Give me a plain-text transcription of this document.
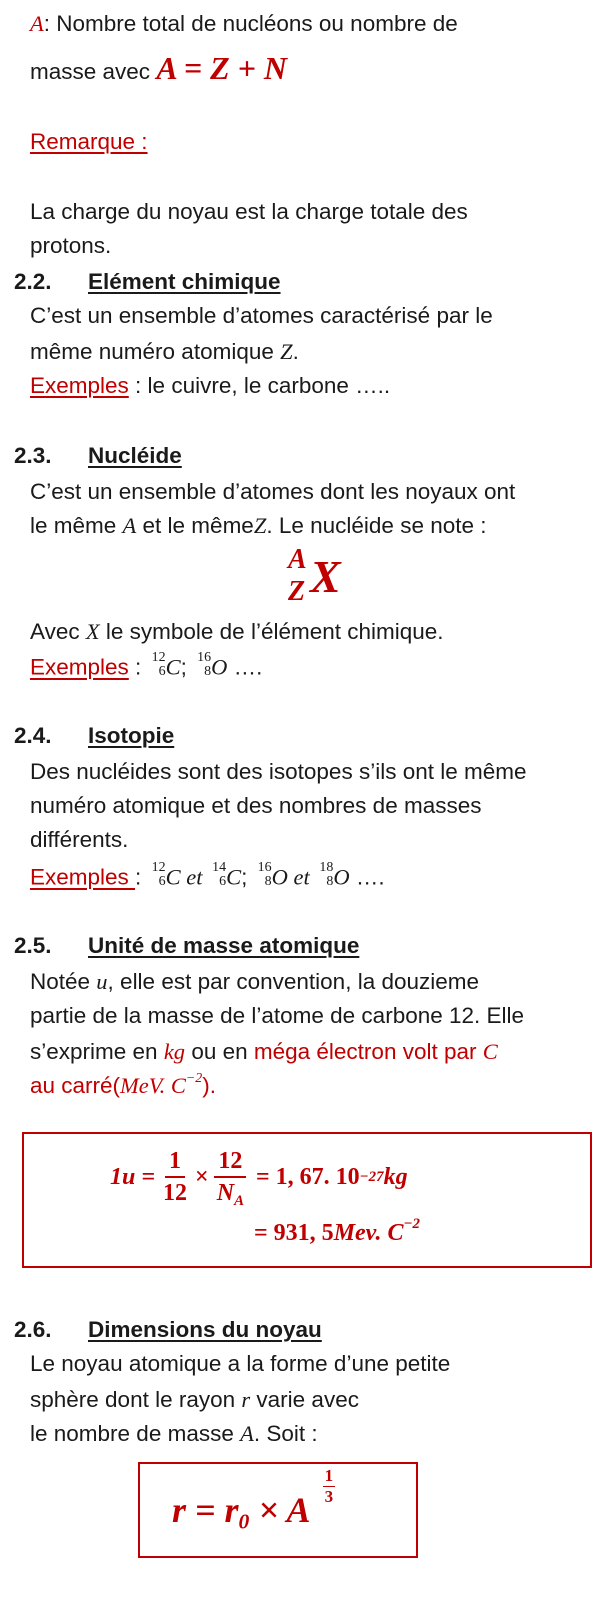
A: Nombre total de nucléons ou nombre de
masse avec A = Z + N
Remarque :
La charge du noyau est la charge totale des
protons.
2.2. Elément chimique
C’est un ensemble d’atomes caractérisé par le
même numéro atomique Z.
Exemples : le cuivre, le carbone …..
2.3. Nucléide
C’est un ensemble d’atomes dont les noyaux ont
le même A et le mêmeZ. Le nucléide se note :
A
Z X
Avec X le symbole de l’élément chimique.
Exemples : 12
6 C; 16
8 O ….
2.4. Isotopie
Des nucléides sont des isotopes s’ils ont le même
numéro atomique et des nombres de masses
différents.
Exemples : 12
6 C et 14
6 C; 16
8 O et 18
8 O ….
2.5. Unité de masse atomique
Notée u, elle est par convention, la douzieme
partie de la masse de l’atome de carbone 12. Elle
s’exprime en kg ou en méga électron volt par C
au carré(MeV. $C^{-2}$).
$1u = \frac{1}{12} \times \frac{12}{N_A} = 1$, 67. 10 −27 kg
= 931, 5Mev. $C^{-2}$
2.6. Dimensions du noyau
Le noyau atomique a la forme d’une petite
sphère dont le rayon r varie avec
le nombre de masse A. Soit :
$r = r_0 \times A$
$\frac{1}{3}$
